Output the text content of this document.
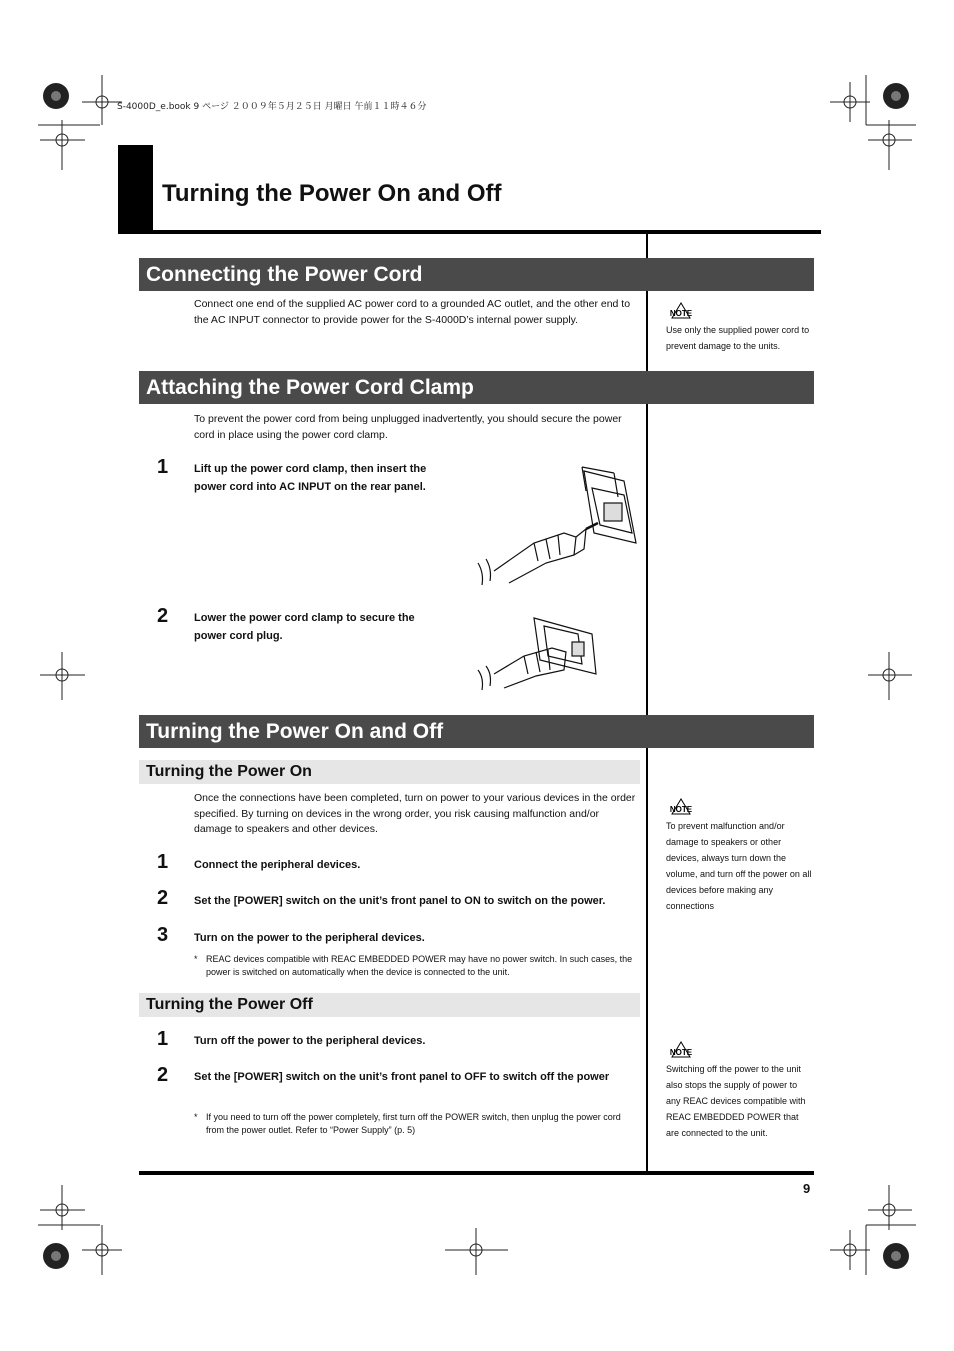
S-4000D_e.book 9 ページ ２００９年５月２５日 月曜日 午前１１時４６分
Turning the Power On and Off
Connecting the Power Cord
Connect one end of the supplied AC power cord to a grounded AC outlet, and the other end to the AC INPUT connector to provide power for the S-4000D’s internal power supply.	NOTE
Use only the supplied power cord to prevent damage to the units.
Attaching the Power Cord Clamp
To prevent the power cord from being unplugged inadvertently, you should secure the power cord in place using the power cord clamp.
1 Lift up the power cord clamp, then insert the power cord into AC INPUT on the rear panel.
2 Lower the power cord clamp to secure the power cord plug.
Turning the Power On and Off
Turning the Power On
Once the connections have been completed, turn on power to your various devices in the order specified. By turning on devices in the wrong order, you risk causing malfunction and/or damage to speakers and other devices.
1 Connect the peripheral devices.
2 Set the [POWER] switch on the unit’s front panel to ON to switch on the power.
3 Turn on the power to the peripheral devices.
* REAC devices compatible with REAC EMBEDDED POWER may have no power switch. In such cases, the power is switched on automatically when the device is connected to the unit.
NOTE
To prevent malfunction and/or damage to speakers or other devices, always turn down the volume, and turn off the power on all devices before making any connections
Turning the Power Off
1 Turn off the power to the peripheral devices.
2 Set the [POWER] switch on the unit’s front panel to OFF to switch off the power
* If you need to turn off the power completely, first turn off the POWER switch, then unplug the power cord from the power outlet. Refer to “Power Supply” (p. 5)
NOTE
Switching off the power to the unit also stops the supply of power to any REAC devices compatible with REAC EMBEDDED POWER that are connected to the unit.
9
